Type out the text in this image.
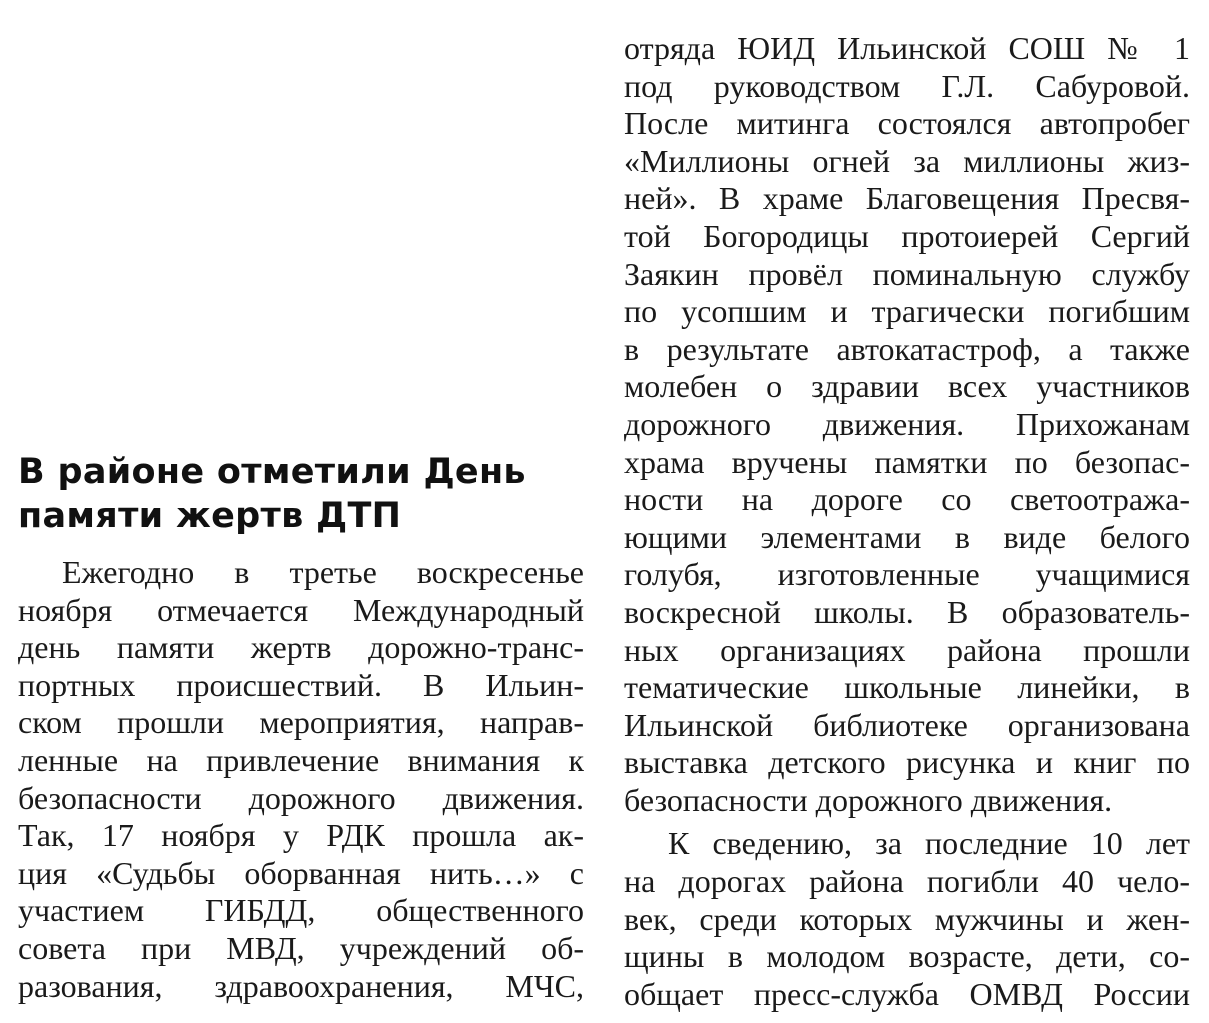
В районе отметили День
памяти жертв ДТП
Ежегодно в третье воскресенье
ноября отмечается Международный
день памяти жертв дорожно-транс-
портных происшествий. В Ильин-
ском прошли мероприятия, направ-
ленные на привлечение внимания к
безопасности дорожного движения.
Так, 17 ноября у РДК прошла ак-
ция «Судьбы оборванная нить…» с
участием ГИБДД, общественного
совета при МВД, учреждений об-
разования, здравоохранения, МЧС,
отряда ЮИД Ильинской СОШ № 1
под руководством Г.Л. Сабуровой.
После митинга состоялся автопробег
«Миллионы огней за миллионы жиз-
ней». В храме Благовещения Пресвя-
той Богородицы протоиерей Сергий
Заякин провёл поминальную службу
по усопшим и трагически погибшим
в результате автокатастроф, а также
молебен о здравии всех участников
дорожного движения. Прихожанам
храма вручены памятки по безопас-
ности на дороге со светоотража-
ющими элементами в виде белого
голубя, изготовленные учащимися
воскресной школы. В образователь-
ных организациях района прошли
тематические школьные линейки, в
Ильинской библиотеке организована
выставка детского рисунка и книг по
безопасности дорожного движения.
К сведению, за последние 10 лет
на дорогах района погибли 40 чело-
век, среди которых мужчины и жен-
щины в молодом возрасте, дети, со-
общает пресс-служба ОМВД России
